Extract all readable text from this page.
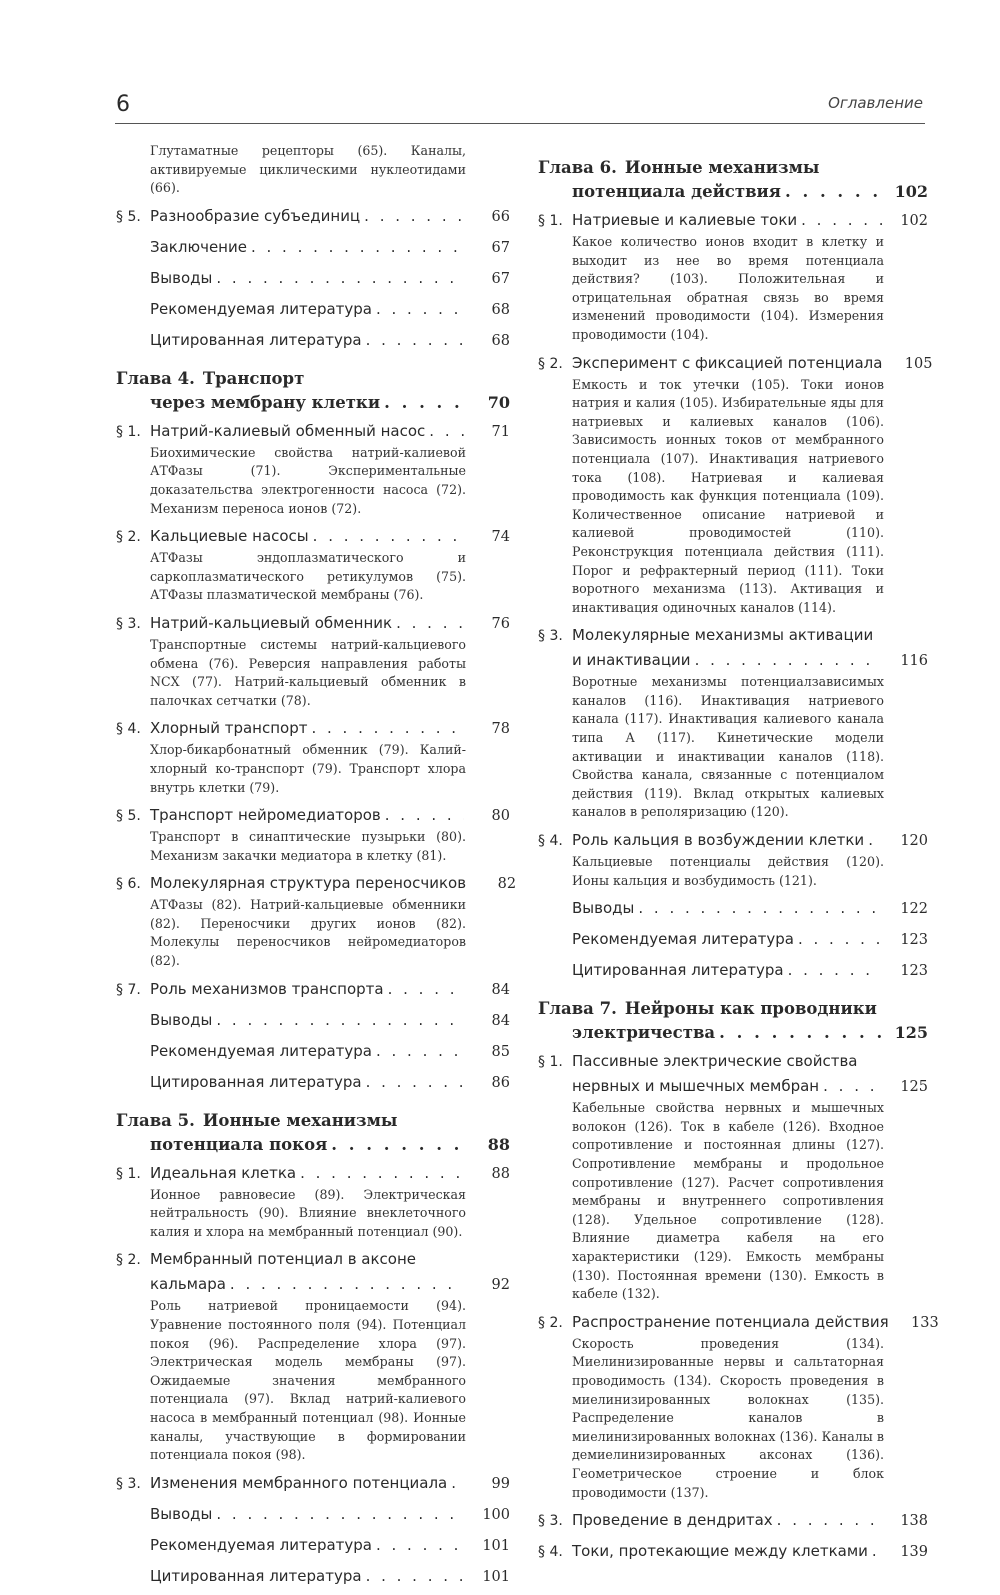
6	Оглавление
Глутаматные рецепторы (65). Каналы, активируемые циклическими нуклеотидами (66).
§ 5. Разнообразие субъединиц . . .	66
Заключение . . .	67
Выводы . . .	67
Рекомендуемая литература . . .	68
Цитированная литература . . .	68
Глава 4. Транспорт
через мембрану клетки . . .	70
§ 1. Натрий-калиевый обменный насос . . .	71
Биохимические свойства натрий-калиевой АТФазы (71). Экспериментальные доказательства электрогенности насоса (72). Механизм переноса ионов (72).
§ 2. Кальциевые насосы . . .	74
АТФазы эндоплазматического и саркоплазматического ретикулумов (75). АТФазы плазматической мембраны (76).
§ 3. Натрий-кальциевый обменник . . .	76
Транспортные системы натрий-кальциевого обмена (76). Реверсия направления работы NCX (77). Натрий-кальциевый обменник в палочках сетчатки (78).
§ 4. Хлорный транспорт . . .	78
Хлор-бикарбонатный обменник (79). Калий-хлорный ко-транспорт (79). Транспорт хлора внутрь клетки (79).
§ 5. Транспорт нейромедиаторов . . .	80
Транспорт в синаптические пузырьки (80). Механизм закачки медиатора в клетку (81).
§ 6. Молекулярная структура переносчиков	82
АТФазы (82). Натрий-кальциевые обменники (82). Переносчики других ионов (82). Молекулы переносчиков нейромедиаторов (82).
§ 7. Роль механизмов транспорта . . .	84
Выводы . . .	84
Рекомендуемая литература . . .	85
Цитированная литература . . .	86
Глава 5. Ионные механизмы
потенциала покоя . . .	88
§ 1. Идеальная клетка . . .	88
Ионное равновесие (89). Электрическая нейтральность (90). Влияние внеклеточного калия и хлора на мембранный потенциал (90).
§ 2. Мембранный потенциал в аксоне
кальмара . . .	92
Роль натриевой проницаемости (94). Уравнение постоянного поля (94). Потенциал покоя (96). Распределение хлора (97). Электрическая модель мембраны (97). Ожидаемые значения мембранного потенциала (97). Вклад натрий-калиевого насоса в мембранный потенциал (98). Ионные каналы, участвующие в формировании потенциала покоя (98).
§ 3. Изменения мембранного потенциала . . .	99
Выводы . . .	100
Рекомендуемая литература . . .	101
Цитированная литература . . .	101
Глава 6. Ионные механизмы
потенциала действия . . .	102
§ 1. Натриевые и калиевые токи . . .	102
Какое количество ионов входит в клетку и выходит из нее во время потенциала действия? (103). Положительная и отрицательная обратная связь во время изменений проводимости (104). Измерения проводимости (104).
§ 2. Эксперимент с фиксацией потенциала	105
Емкость и ток утечки (105). Токи ионов натрия и калия (105). Избирательные яды для натриевых и калиевых каналов (106). Зависимость ионных токов от мембранного потенциала (107). Инактивация натриевого тока (108). Натриевая и калиевая проводимость как функция потенциала (109). Количественное описание натриевой и калиевой проводимостей (110). Реконструкция потенциала действия (111). Порог и рефрактерный период (111). Токи воротного механизма (113). Активация и инактивация одиночных каналов (114).
§ 3. Молекулярные механизмы активации
и инактивации . . .	116
Воротные механизмы потенциалзависимых каналов (116). Инактивация натриевого канала (117). Инактивация калиевого канала типа А (117). Кинетические модели активации и инактивации каналов (118). Свойства канала, связанные с потенциалом действия (119). Вклад открытых калиевых каналов в реполяризацию (120).
§ 4. Роль кальция в возбуждении клетки . . .	120
Кальциевые потенциалы действия (120). Ионы кальция и возбудимость (121).
Выводы . . .	122
Рекомендуемая литература . . .	123
Цитированная литература . . .	123
Глава 7. Нейроны как проводники
электричества . . .	125
§ 1. Пассивные электрические свойства
нервных и мышечных мембран . . .	125
Кабельные свойства нервных и мышечных волокон (126). Ток в кабеле (126). Входное сопротивление и постоянная длины (127). Сопротивление мембраны и продольное сопротивление (127). Расчет сопротивления мембраны и внутреннего сопротивления (128). Удельное сопротивление (128). Влияние диаметра кабеля на его характеристики (129). Емкость мембраны (130). Постоянная времени (130). Емкость в кабеле (132).
§ 2. Распространение потенциала действия	133
Скорость проведения (134). Миелинизированные нервы и сальтаторная проводимость (134). Скорость проведения в миелинизированных волокнах (135). Распределение каналов в миелинизированных волокнах (136). Каналы в демиелинизированных аксонах (136). Геометрическое строение и блок проводимости (137).
§ 3. Проведение в дендритах . . .	138
§ 4. Токи, протекающие между клетками . . .	139
